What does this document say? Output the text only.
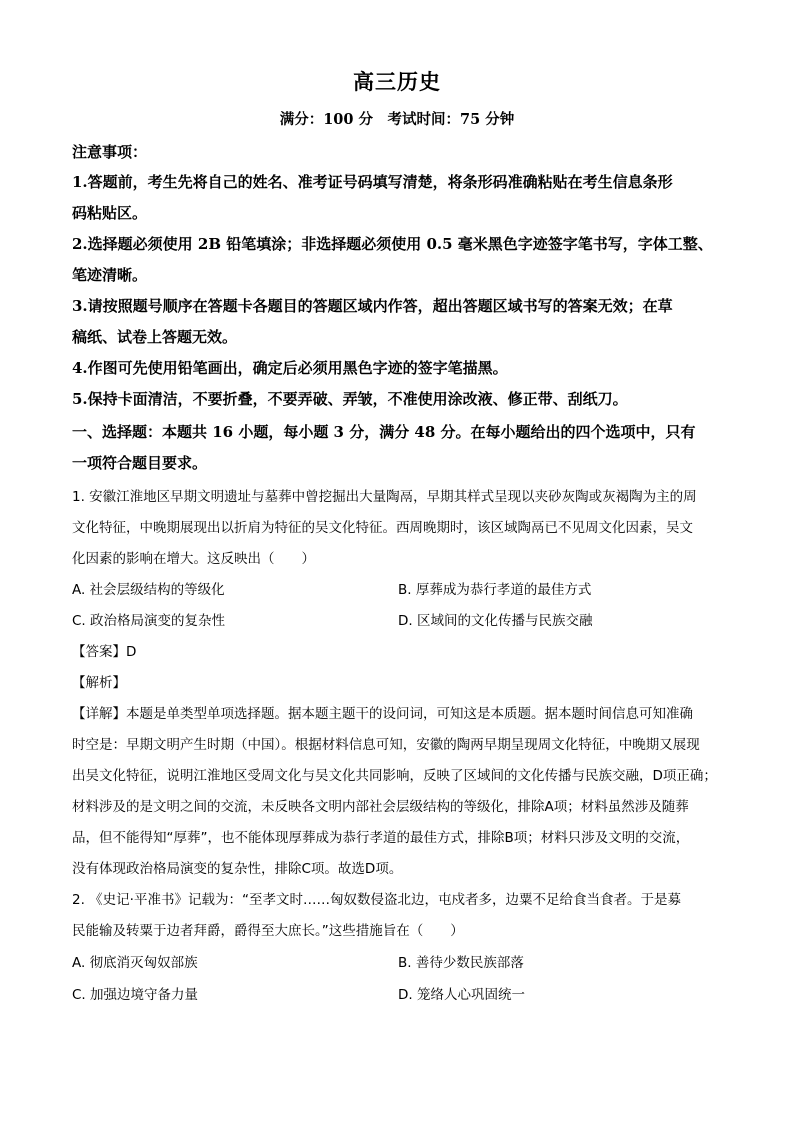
高三历史
满分：100 分　考试时间：75 分钟
注意事项：
1.答题前，考生先将自己的姓名、准考证号码填写清楚，将条形码准确粘贴在考生信息条形
码粘贴区。
2.选择题必须使用 2B 铅笔填涂；非选择题必须使用 0.5 毫米黑色字迹签字笔书写，字体工整、
笔迹清晰。
3.请按照题号顺序在答题卡各题目的答题区域内作答，超出答题区域书写的答案无效；在草
稿纸、试卷上答题无效。
4.作图可先使用铅笔画出，确定后必须用黑色字迹的签字笔描黑。
5.保持卡面清洁，不要折叠，不要弄破、弄皱，不准使用涂改液、修正带、刮纸刀。
一、选择题：本题共 16 小题，每小题 3 分，满分 48 分。在每小题给出的四个选项中，只有
一项符合题目要求。
1. 安徽江淮地区早期文明遗址与墓葬中曾挖掘出大量陶鬲，早期其样式呈现以夹砂灰陶或灰褐陶为主的周
文化特征，中晚期展现出以折肩为特征的吴文化特征。西周晚期时，该区域陶鬲已不见周文化因素，吴文
化因素的影响在增大。这反映出（　　）
A. 社会层级结构的等级化	B. 厚葬成为恭行孝道的最佳方式
C. 政治格局演变的复杂性	D. 区域间的文化传播与民族交融
【答案】D
【解析】
【详解】本题是单类型单项选择题。据本题主题干的设问词，可知这是本质题。据本题时间信息可知准确
时空是：早期文明产生时期（中国）。根据材料信息可知，安徽的陶两早期呈现周文化特征，中晚期又展现
出吴文化特征，说明江淮地区受周文化与吴文化共同影响，反映了区域间的文化传播与民族交融，D项正确；
材料涉及的是文明之间的交流，未反映各文明内部社会层级结构的等级化，排除A项；材料虽然涉及随葬
品，但不能得知“厚葬”，也不能体现厚葬成为恭行孝道的最佳方式，排除B项；材料只涉及文明的交流，
没有体现政治格局演变的复杂性，排除C项。故选D项。
2. 《史记·平准书》记载为：“至孝文时……匈奴数侵盗北边，屯戍者多，边粟不足给食当食者。于是募
民能输及转粟于边者拜爵，爵得至大庶长。”这些措施旨在（　　）
A. 彻底消灭匈奴部族	B. 善待少数民族部落
C. 加强边境守备力量	D. 笼络人心巩固统一
